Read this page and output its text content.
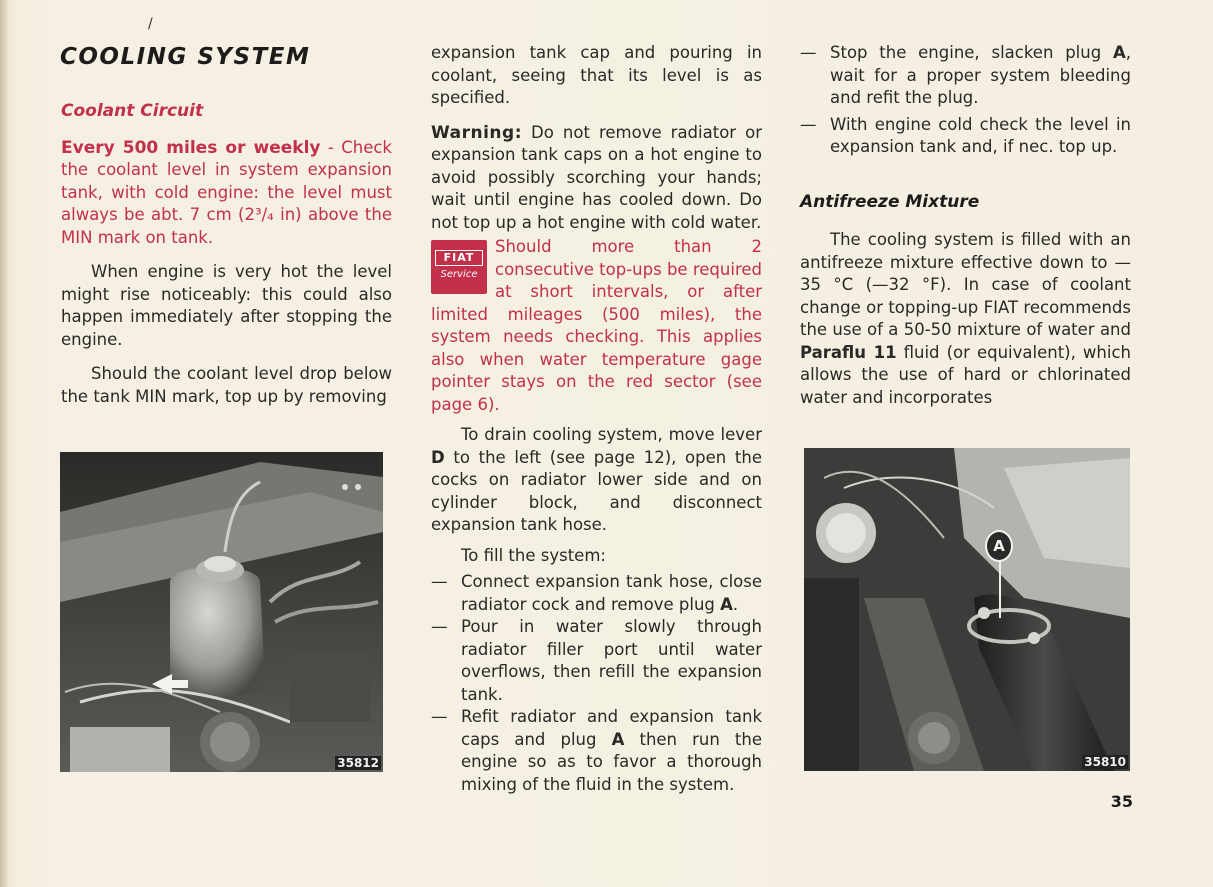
/
COOLING SYSTEM

Coolant Circuit

Every 500 miles or weekly - Check the coolant level in system expansion tank, with cold engine: the level must always be abt. 7 cm (2³/₄ in) above the MIN mark on tank.

When engine is very hot the level might rise noticeably: this could also happen immediately after stopping the engine.

Should the coolant level drop below the tank MIN mark, top up by removing

35812

expansion tank cap and pouring in coolant, seeing that its level is as specified.

Warning: Do not remove radiator or expansion tank caps on a hot engine to avoid possibly scorching your hands; wait until engine has cooled down. Do not top up a hot engine with cold water.

FIAT
Service

Should more than 2 consecutive top-ups be required at short intervals, or after limited mileages (500 miles), the system needs checking. This applies also when water temperature gage pointer stays on the red sector (see page 6).

To drain cooling system, move lever D to the left (see page 12), open the cocks on radiator lower side and on cylinder block, and disconnect expansion tank hose.

To fill the system:

— Connect expansion tank hose, close radiator cock and remove plug A.
— Pour in water slowly through radiator filler port until water overflows, then refill the expansion tank.
— Refit radiator and expansion tank caps and plug A then run the engine so as to favor a thorough mixing of the fluid in the system.
— Stop the engine, slacken plug A, wait for a proper system bleeding and refit the plug.
— With engine cold check the level in expansion tank and, if nec. top up.

Antifreeze Mixture

The cooling system is filled with an antifreeze mixture effective down to —35 °C (—32 °F). In case of coolant change or topping-up FIAT recommends the use of a 50-50 mixture of water and Paraflu 11 fluid (or equivalent), which allows the use of hard or chlorinated water and incorporates

A
35810
35
